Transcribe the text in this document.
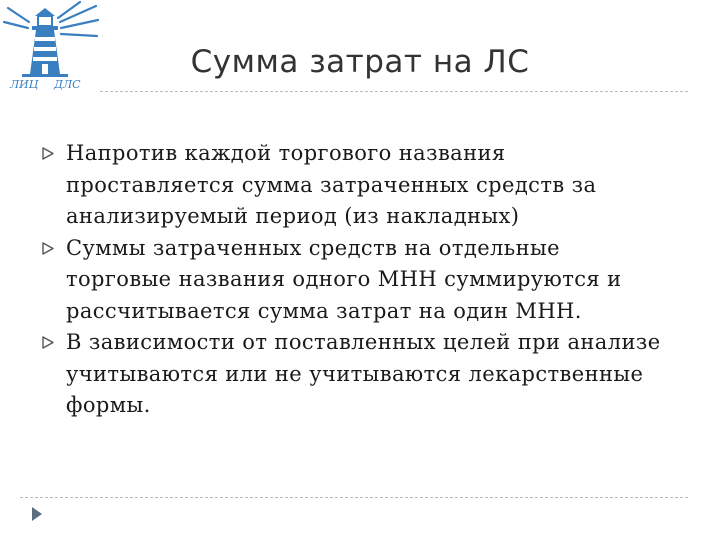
ЛИЦ ДЛС
Сумма затрат на ЛС
Напротив каждой торгового названия проставляется сумма затраченных средств за анализируемый период (из накладных)
Суммы затраченных средств на отдельные торговые названия одного МНН суммируются и рассчитывается сумма затрат на один МНН.
В зависимости от поставленных целей при анализе учитываются или не учитываются лекарственные формы.
